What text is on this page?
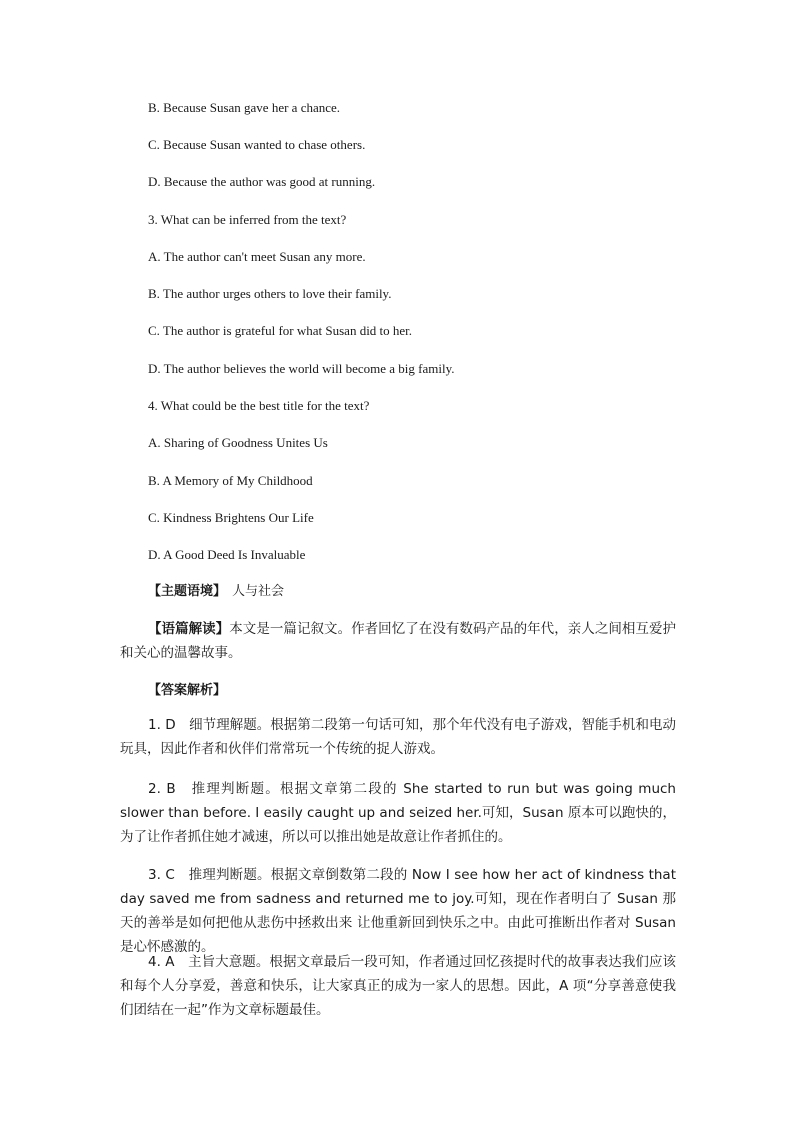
B. Because Susan gave her a chance.
C. Because Susan wanted to chase others.
D. Because the author was good at running.
3. What can be inferred from the text?
A. The author can't meet Susan any more.
B. The author urges others to love their family.
C. The author is grateful for what Susan did to her.
D. The author believes the world will become a big family.
4. What could be the best title for the text?
A. Sharing of Goodness Unites Us
B. A Memory of My Childhood
C. Kindness Brightens Our Life
D. A Good Deed Is Invaluable
【主题语境】 人与社会
【语篇解读】本文是一篇记叙文。作者回忆了在没有数码产品的年代，亲人之间相互爱护和关心的温馨故事。
【答案解析】
1. D　细节理解题。根据第二段第一句话可知，那个年代没有电子游戏，智能手机和电动玩具，因此作者和伙伴们常常玩一个传统的捉人游戏。
2. B　推理判断题。根据文章第二段的 She started to run but was going much slower than before. I easily caught up and seized her.可知，Susan 原本可以跑快的，为了让作者抓住她才减速，所以可以推出她是故意让作者抓住的。
3. C　推理判断题。根据文章倒数第二段的 Now I see how her act of kindness that day saved me from sadness and returned me to joy.可知，现在作者明白了 Susan 那天的善举是如何把他从悲伤中拯救出来 让他重新回到快乐之中。由此可推断出作者对 Susan 是心怀感激的。
4. A　主旨大意题。根据文章最后一段可知，作者通过回忆孩提时代的故事表达我们应该和每个人分享爱，善意和快乐，让大家真正的成为一家人的思想。因此，A 项“分享善意使我们团结在一起”作为文章标题最佳。
